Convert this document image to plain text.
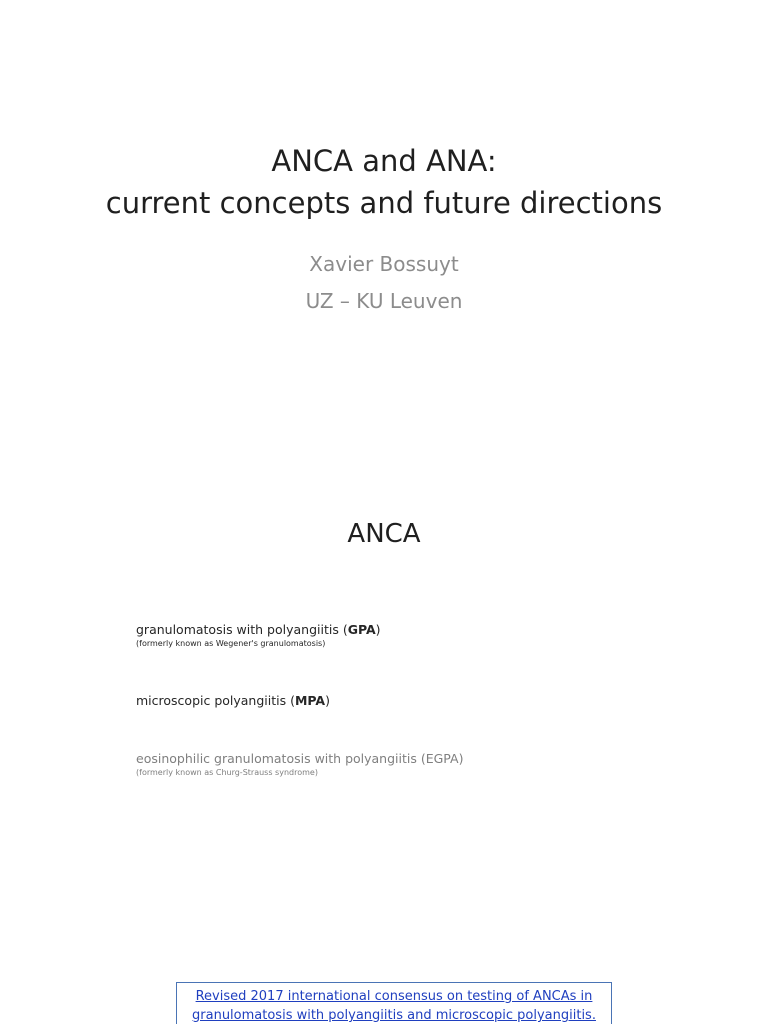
ANCA and ANA:
current concepts and future directions
Xavier Bossuyt
UZ – KU Leuven
ANCA
granulomatosis with polyangiitis (GPA)
(formerly known as Wegener's granulomatosis)
microscopic polyangiitis (MPA)
eosinophilic granulomatosis with polyangiitis (EGPA)
(formerly known as Churg-Strauss syndrome)
Revised 2017 international consensus on testing of ANCAs in
granulomatosis with polyangiitis and microscopic polyangiitis.
